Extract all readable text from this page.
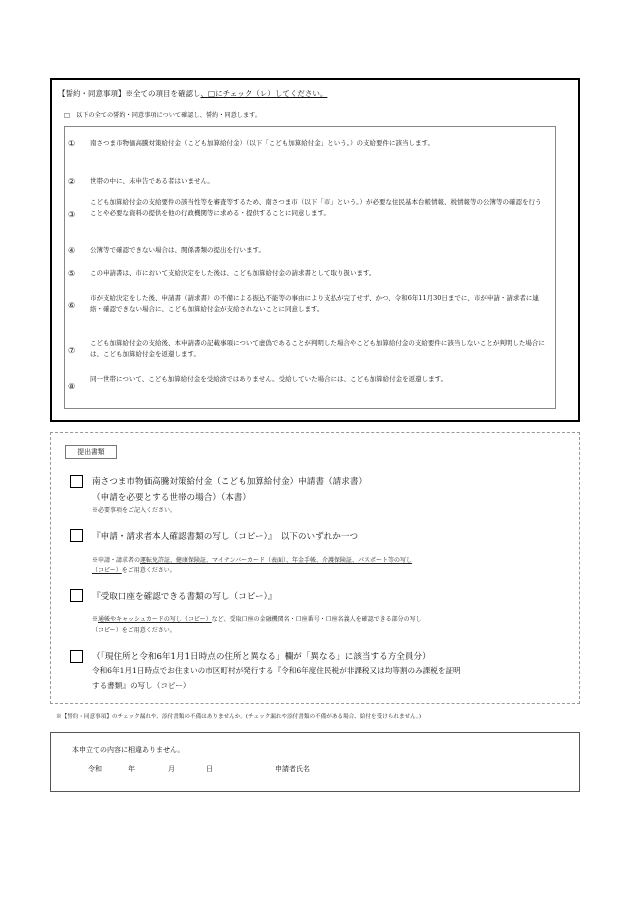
【誓約・同意事項】※全ての項目を確認し、□にチェック（レ）してください。
□　以下の全ての誓約・同意事項について確認し、誓約・同意します。
①	南さつま市物価高騰対策給付金（こども加算給付金）（以下「こども加算給付金」という。）の支給要件に該当します。
②	世帯の中に、未申告である者はいません。
③
こども加算給付金の支給要件の該当性等を審査等するため、南さつま市（以下「市」という。）が必要な住民基本台帳情報、税情報等の公簿等の確認を行うことや必要な資料の提供を他の行政機関等に求める・提供することに同意します。
④	公簿等で確認できない場合は、関係書類の提出を行います。
⑤	この申請書は、市において支給決定をした後は、こども加算給付金の請求書として取り扱います。
⑥
市が支給決定をした後、申請書（請求書）の不備による振込不能等の事由により支払が完了せず、かつ、令和6年11月30日までに、市が申請・請求者に連絡・確認できない場合に、こども加算給付金が支給されないことに同意します。
⑦
こども加算給付金の支給後、本申請書の記載事項について虚偽であることが判明した場合やこども加算給付金の支給要件に該当しないことが判明した場合には、こども加算給付金を返還します。
⑧
同一世帯について、こども加算給付金を受給済ではありません。受給していた場合には、こども加算給付金を返還します。
提出書類
南さつま市物価高騰対策給付金（こども加算給付金）申請書（請求書）
（申請を必要とする世帯の場合）（本書）
※必要事項をご記入ください。
『申請・請求者本人確認書類の写し（コピー）』　以下のいずれか一つ
※申請・請求者の運転免許証、健康保険証、マイナンバーカード（表面）、年金手帳、介護保険証、パスポート等の写し
（コピー）をご用意ください。
『受取口座を確認できる書類の写し（コピー）』
※通帳やキャッシュカードの写し（コピー）など、受取口座の金融機関名・口座番号・口座名義人を確認できる部分の写し
（コピー）をご用意ください。
（「現住所と令和6年1月1日時点の住所と異なる」欄が「異なる」に該当する方全員分）
令和6年1月1日時点でお住まいの市区町村が発行する『令和6年度住民税が非課税又は均等割のみ課税を証明
する書類』の写し（コピー）
※【誓約・同意事項】のチェック漏れや、添付書類の不備はありませんか。(チェック漏れや添付書類の不備がある場合、給付を受けられません。)
本申立ての内容に相違ありません。
令和	年	月	日	申請者氏名
